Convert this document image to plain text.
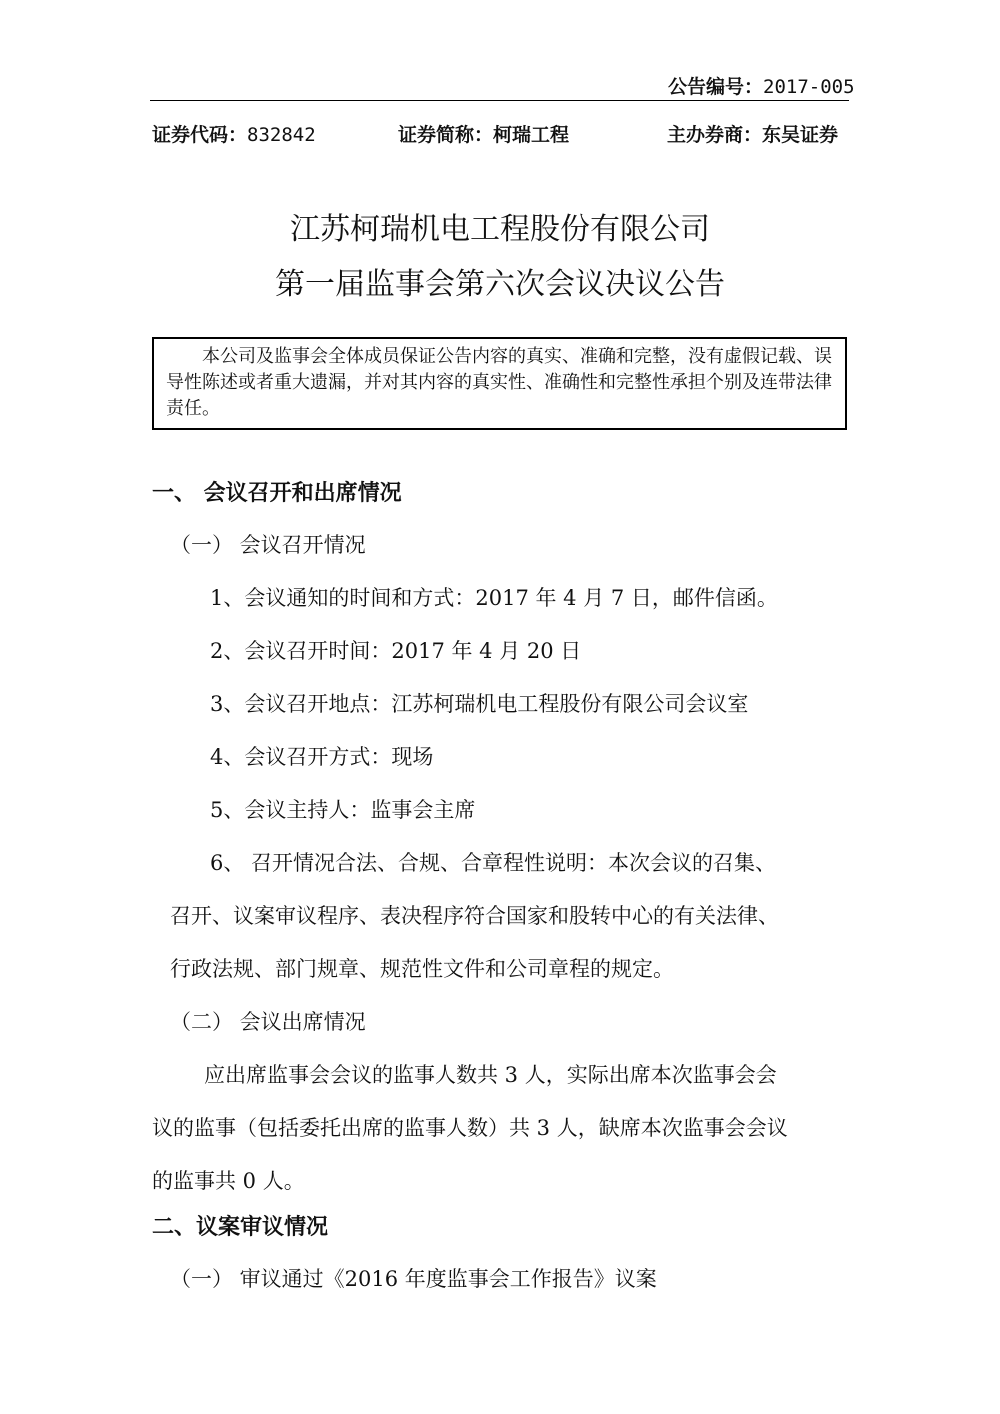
公告编号：2017-005
证券代码：832842	证券简称：柯瑞工程	主办券商：东吴证券
江苏柯瑞机电工程股份有限公司
第一届监事会第六次会议决议公告
本公司及监事会全体成员保证公告内容的真实、准确和完整，没有虚假记载、误导性陈述或者重大遗漏，并对其内容的真实性、准确性和完整性承担个别及连带法律责任。
一、 会议召开和出席情况
（一） 会议召开情况
1、会议通知的时间和方式：2017 年 4 月 7 日，邮件信函。
2、会议召开时间：2017 年 4 月 20 日
3、会议召开地点：江苏柯瑞机电工程股份有限公司会议室
4、会议召开方式：现场
5、会议主持人：监事会主席
6、 召开情况合法、合规、合章程性说明：本次会议的召集、
召开、议案审议程序、表决程序符合国家和股转中心的有关法律、
行政法规、部门规章、规范性文件和公司章程的规定。
（二） 会议出席情况
应出席监事会会议的监事人数共 3 人，实际出席本次监事会会
议的监事（包括委托出席的监事人数）共 3 人，缺席本次监事会会议
的监事共 0 人。
二、议案审议情况
（一） 审议通过《2016 年度监事会工作报告》议案
